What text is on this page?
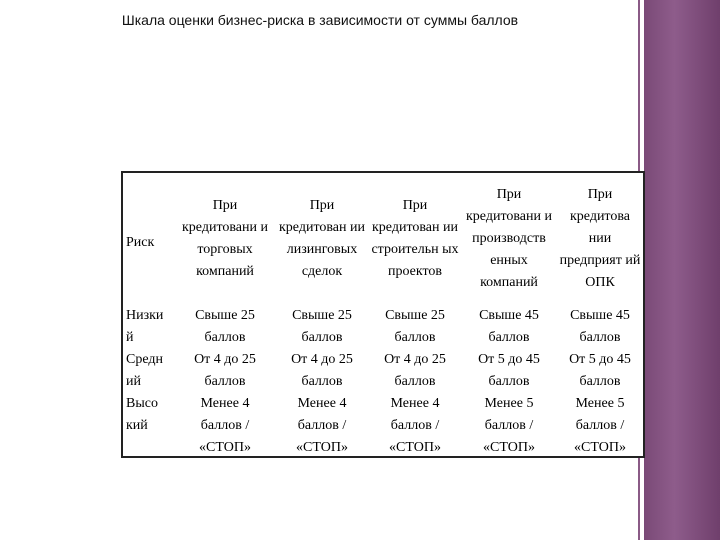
Шкала оценки бизнес-риска в зависимости от суммы баллов
Риск
Низки й
Средн ий
Высо кий
При кредитовани и торговых компаний
Свыше 25 баллов
От 4 до 25 баллов
Менее 4 баллов / «СТОП»
При кредитован ии лизинговых сделок
Свыше 25 баллов
От 4 до 25 баллов
Менее 4 баллов / «СТОП»
При кредитован ии строительн ых проектов
Свыше 25 баллов
От 4 до 25 баллов
Менее 4 баллов / «СТОП»
При кредитовани и производств енных компаний
Свыше 45 баллов
От 5 до 45 баллов
Менее 5 баллов / «СТОП»
При кредитова нии предприят ий ОПК
Свыше 45 баллов
От 5 до 45 баллов
Менее 5 баллов / «СТОП»
